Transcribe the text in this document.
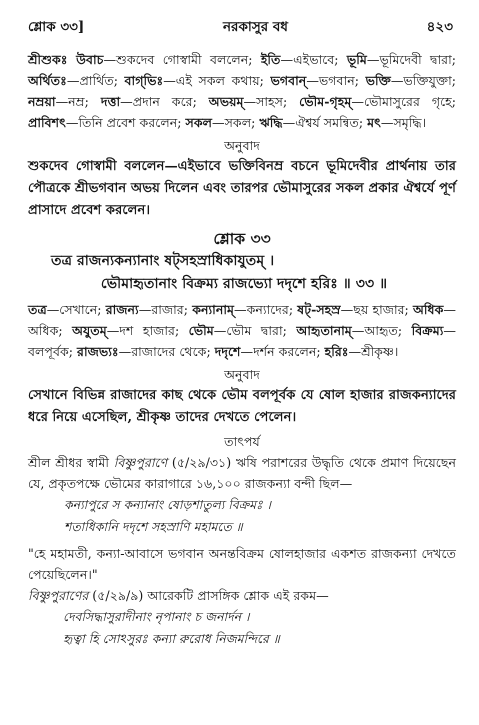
শ্লোক ৩৩]	নরকাসুর বধ	৪২৩

শ্রীশুকঃ উবাচ—শুকদেব গোস্বামী বললেন; ইতি—এইভাবে; ভূমি—ভূমিদেবী দ্বারা; অর্থিতঃ—প্রার্থিত; বাগ্‌ভিঃ—এই সকল কথায়; ভগবান্—ভগবান; ভক্তি—ভক্তিযুক্তা; নম্রয়া—নম্র; দত্তা—প্রদান করে; অভয়ম্—সাহস; ভৌম-গৃহম্—ভৌমাসুরের গৃহে; প্রাবিশৎ—তিনি প্রবেশ করলেন; সকল—সকল; ঋদ্ধি—ঐশ্বর্য সমন্বিত; মৎ—সমৃদ্ধি।

অনুবাদ

শুকদেব গোস্বামী বললেন—এইভাবে ভক্তিবিনম্র বচনে ভূমিদেবীর প্রার্থনায় তার পৌত্রকে শ্রীভগবান অভয় দিলেন এবং তারপর ভৌমাসুরের সকল প্রকার ঐশ্বর্যে পূর্ণ প্রাসাদে প্রবেশ করলেন।

শ্লোক ৩৩

তত্র রাজন্যকন্যানাং ষট্‌সহস্রাধিকাযুতম্ ।

ভৌমাহৃতানাং বিক্রম্য রাজভ্যো দদৃশে হরিঃ ॥ ৩৩ ॥

তত্র—সেখানে; রাজন্য—রাজার; কন্যানাম্—কন্যাদের; ষট্-সহস্র—ছয় হাজার; অধিক—অধিক; অযুতম্—দশ হাজার; ভৌম—ভৌম দ্বারা; আহৃতানাম্—আহৃত; বিক্রম্য—বলপূর্বক; রাজভ্যঃ—রাজাদের থেকে; দদৃশে—দর্শন করলেন; হরিঃ—শ্রীকৃষ্ণ।

অনুবাদ

সেখানে বিভিন্ন রাজাদের কাছ থেকে ভৌম বলপূর্বক যে ষোল হাজার রাজকন্যাদের ধরে নিয়ে এসেছিল, শ্রীকৃষ্ণ তাদের দেখতে পেলেন।

তাৎপর্য

শ্রীল শ্রীধর স্বামী বিষ্ণুপুরাণে (৫/২৯/৩১) ঋষি পরাশরের উদ্ধৃতি থেকে প্রমাণ দিয়েছেন যে, প্রকৃতপক্ষে ভৌমের কারাগারে ১৬,১০০ রাজকন্যা বন্দী ছিল—

কন্যাপুরে স কন্যানাং ষোড়শাতুল্য বিক্রমঃ ।

শতাধিকানি দদৃশে সহস্রাণি মহামতে ॥

"হে মহামতী, কন্যা-আবাসে ভগবান অনন্তবিক্রম ষোলহাজার একশত রাজকন্যা দেখতে পেয়েছিলেন।"

বিষ্ণুপুরাণের (৫/২৯/৯) আরেকটি প্রাসঙ্গিক শ্লোক এই রকম—

দেবসিদ্ধাসুরাদীনাং নৃপানাং চ জনার্দন ।

হৃত্বা হি সোঽসুরঃ কন্যা রুরোধ নিজমন্দিরে ॥
